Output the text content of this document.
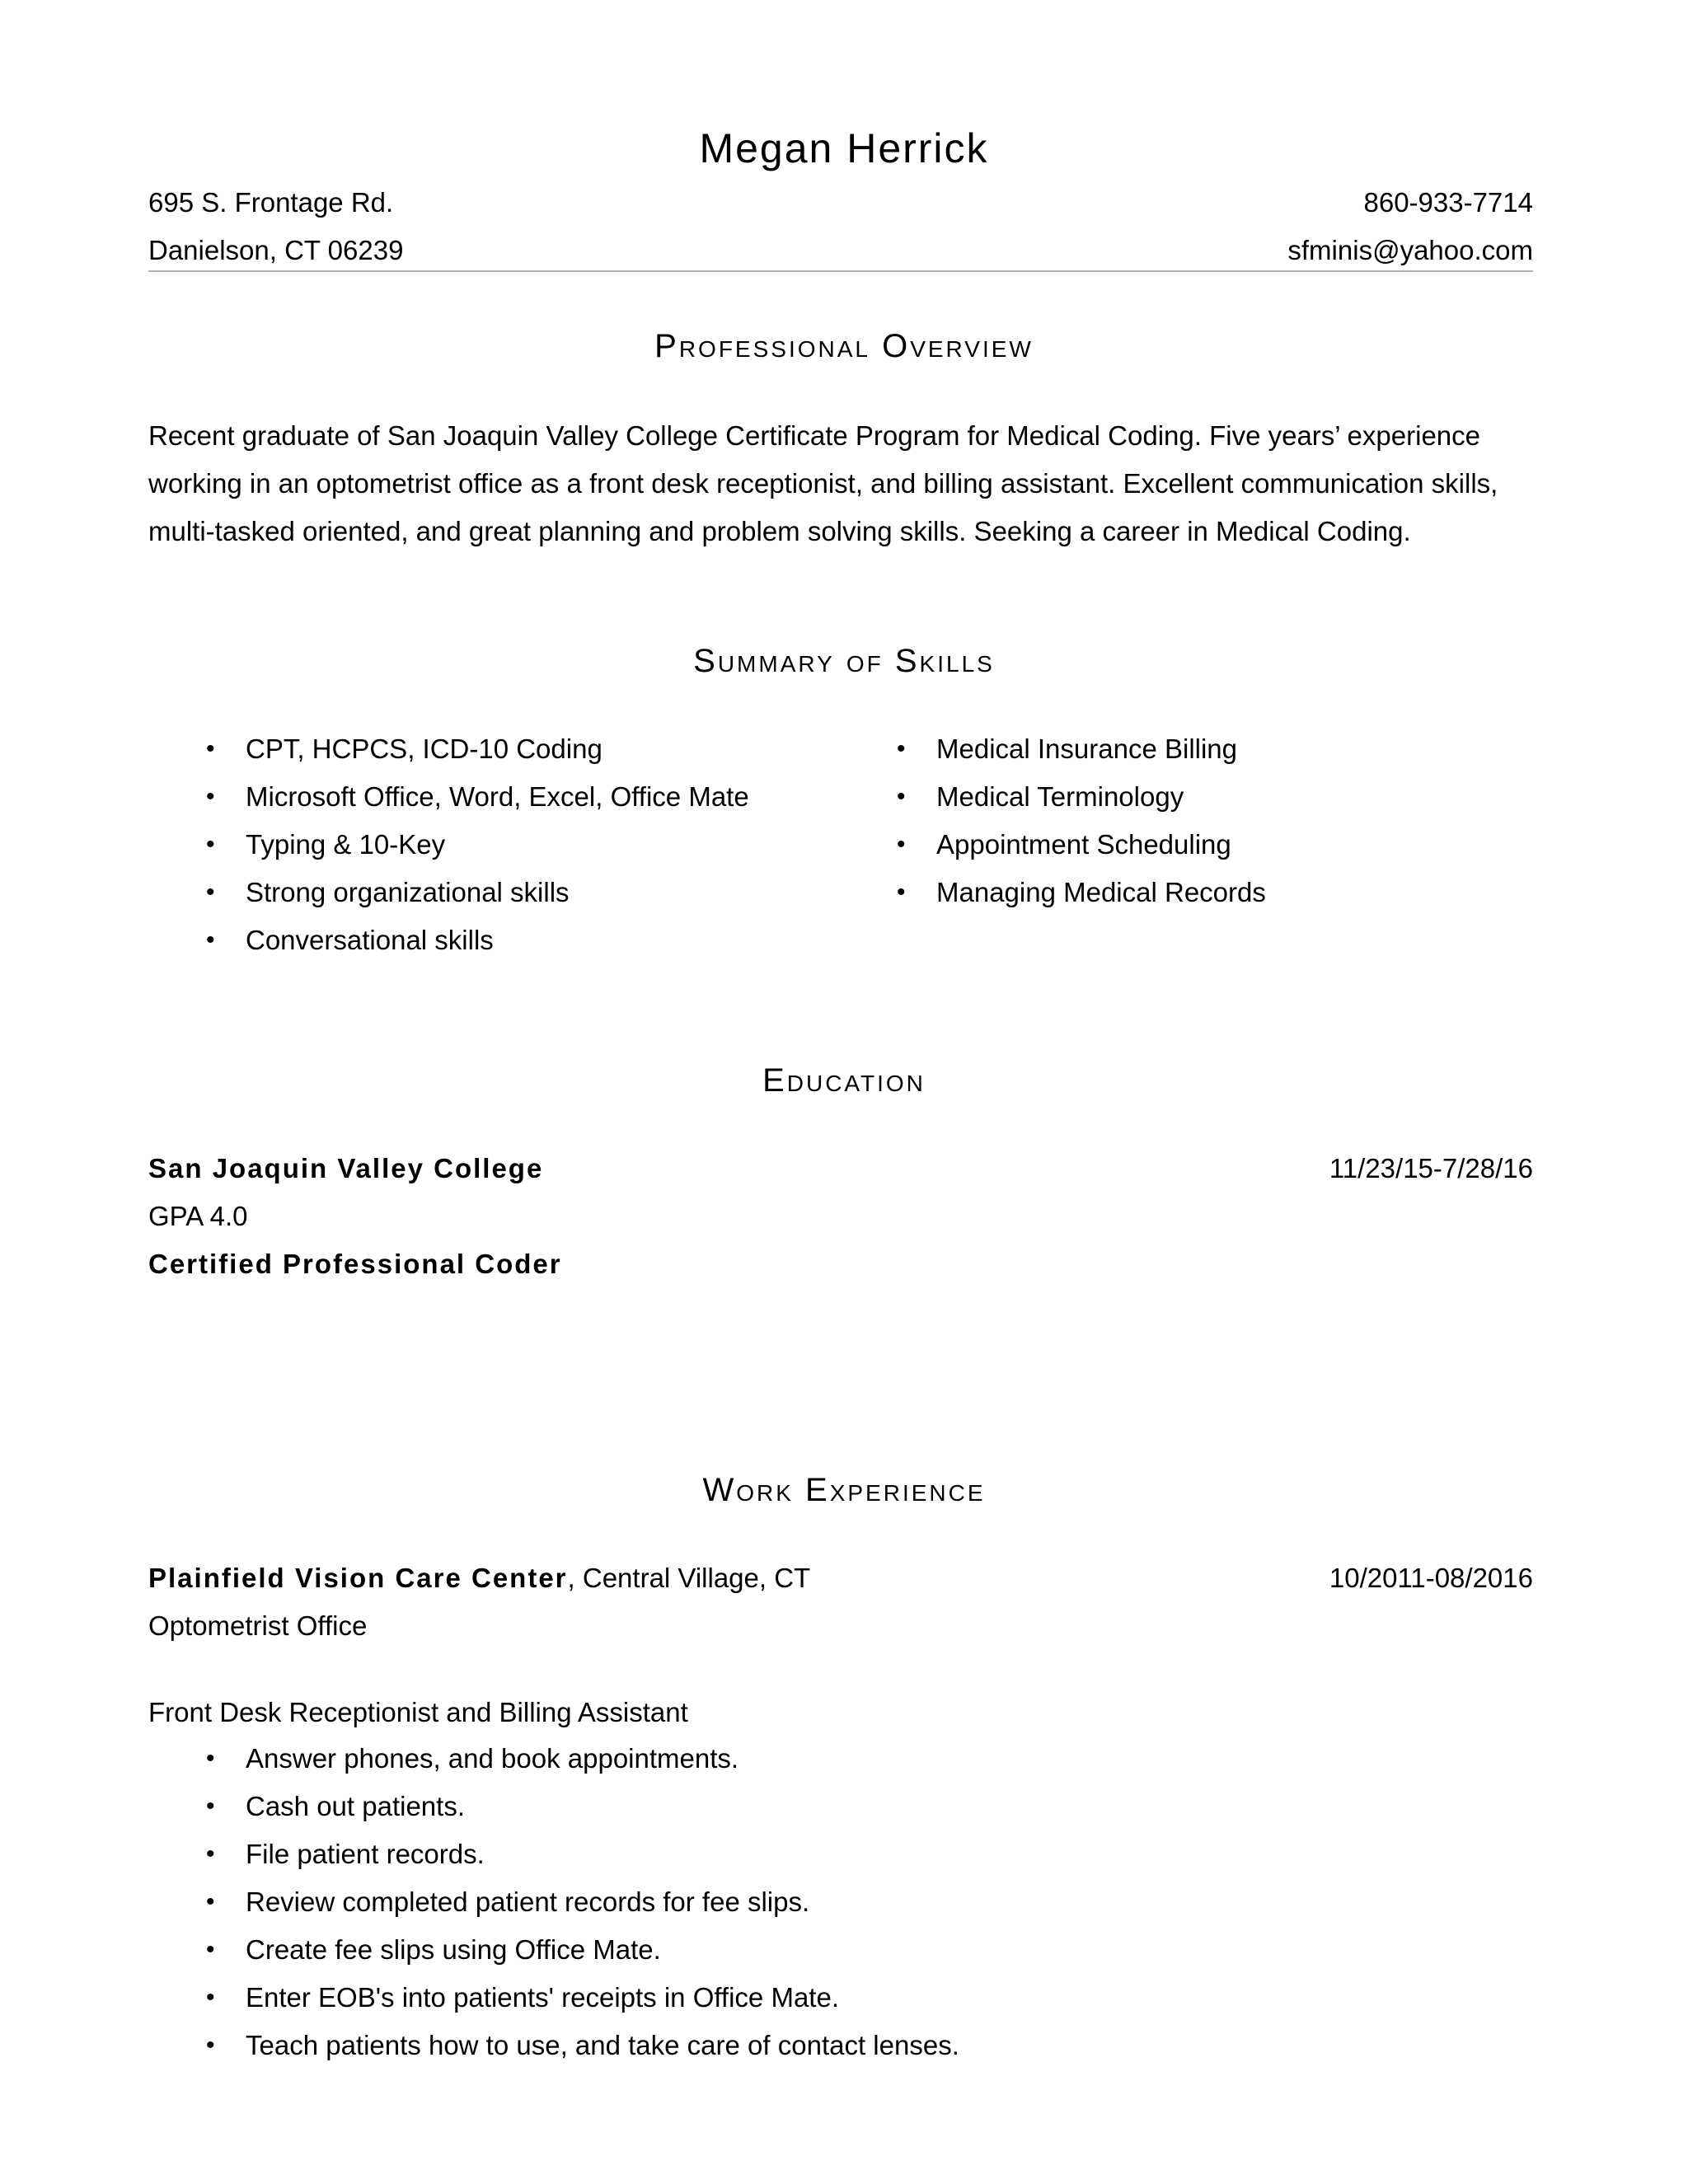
Megan Herrick
695 S. Frontage Rd.	860-933-7714
Danielson, CT 06239	sfminis@yahoo.com
Professional Overview
Recent graduate of San Joaquin Valley College Certificate Program for Medical Coding. Five years’ experience
working in an optometrist office as a front desk receptionist, and billing assistant. Excellent communication skills,
multi-tasked oriented, and great planning and problem solving skills. Seeking a career in Medical Coding.
Summary of Skills
• CPT, HCPCS, ICD-10 Coding
• Microsoft Office, Word, Excel, Office Mate
• Typing & 10-Key
• Strong organizational skills
• Conversational skills
• Medical Insurance Billing
• Medical Terminology
• Appointment Scheduling
• Managing Medical Records
Education
San Joaquin Valley College	11/23/15-7/28/16
GPA 4.0
Certified Professional Coder
Work Experience
Plainfield Vision Care Center, Central Village, CT	10/2011-08/2016
Optometrist Office
Front Desk Receptionist and Billing Assistant
• Answer phones, and book appointments.
• Cash out patients.
• File patient records.
• Review completed patient records for fee slips.
• Create fee slips using Office Mate.
• Enter EOB's into patients' receipts in Office Mate.
• Teach patients how to use, and take care of contact lenses.
